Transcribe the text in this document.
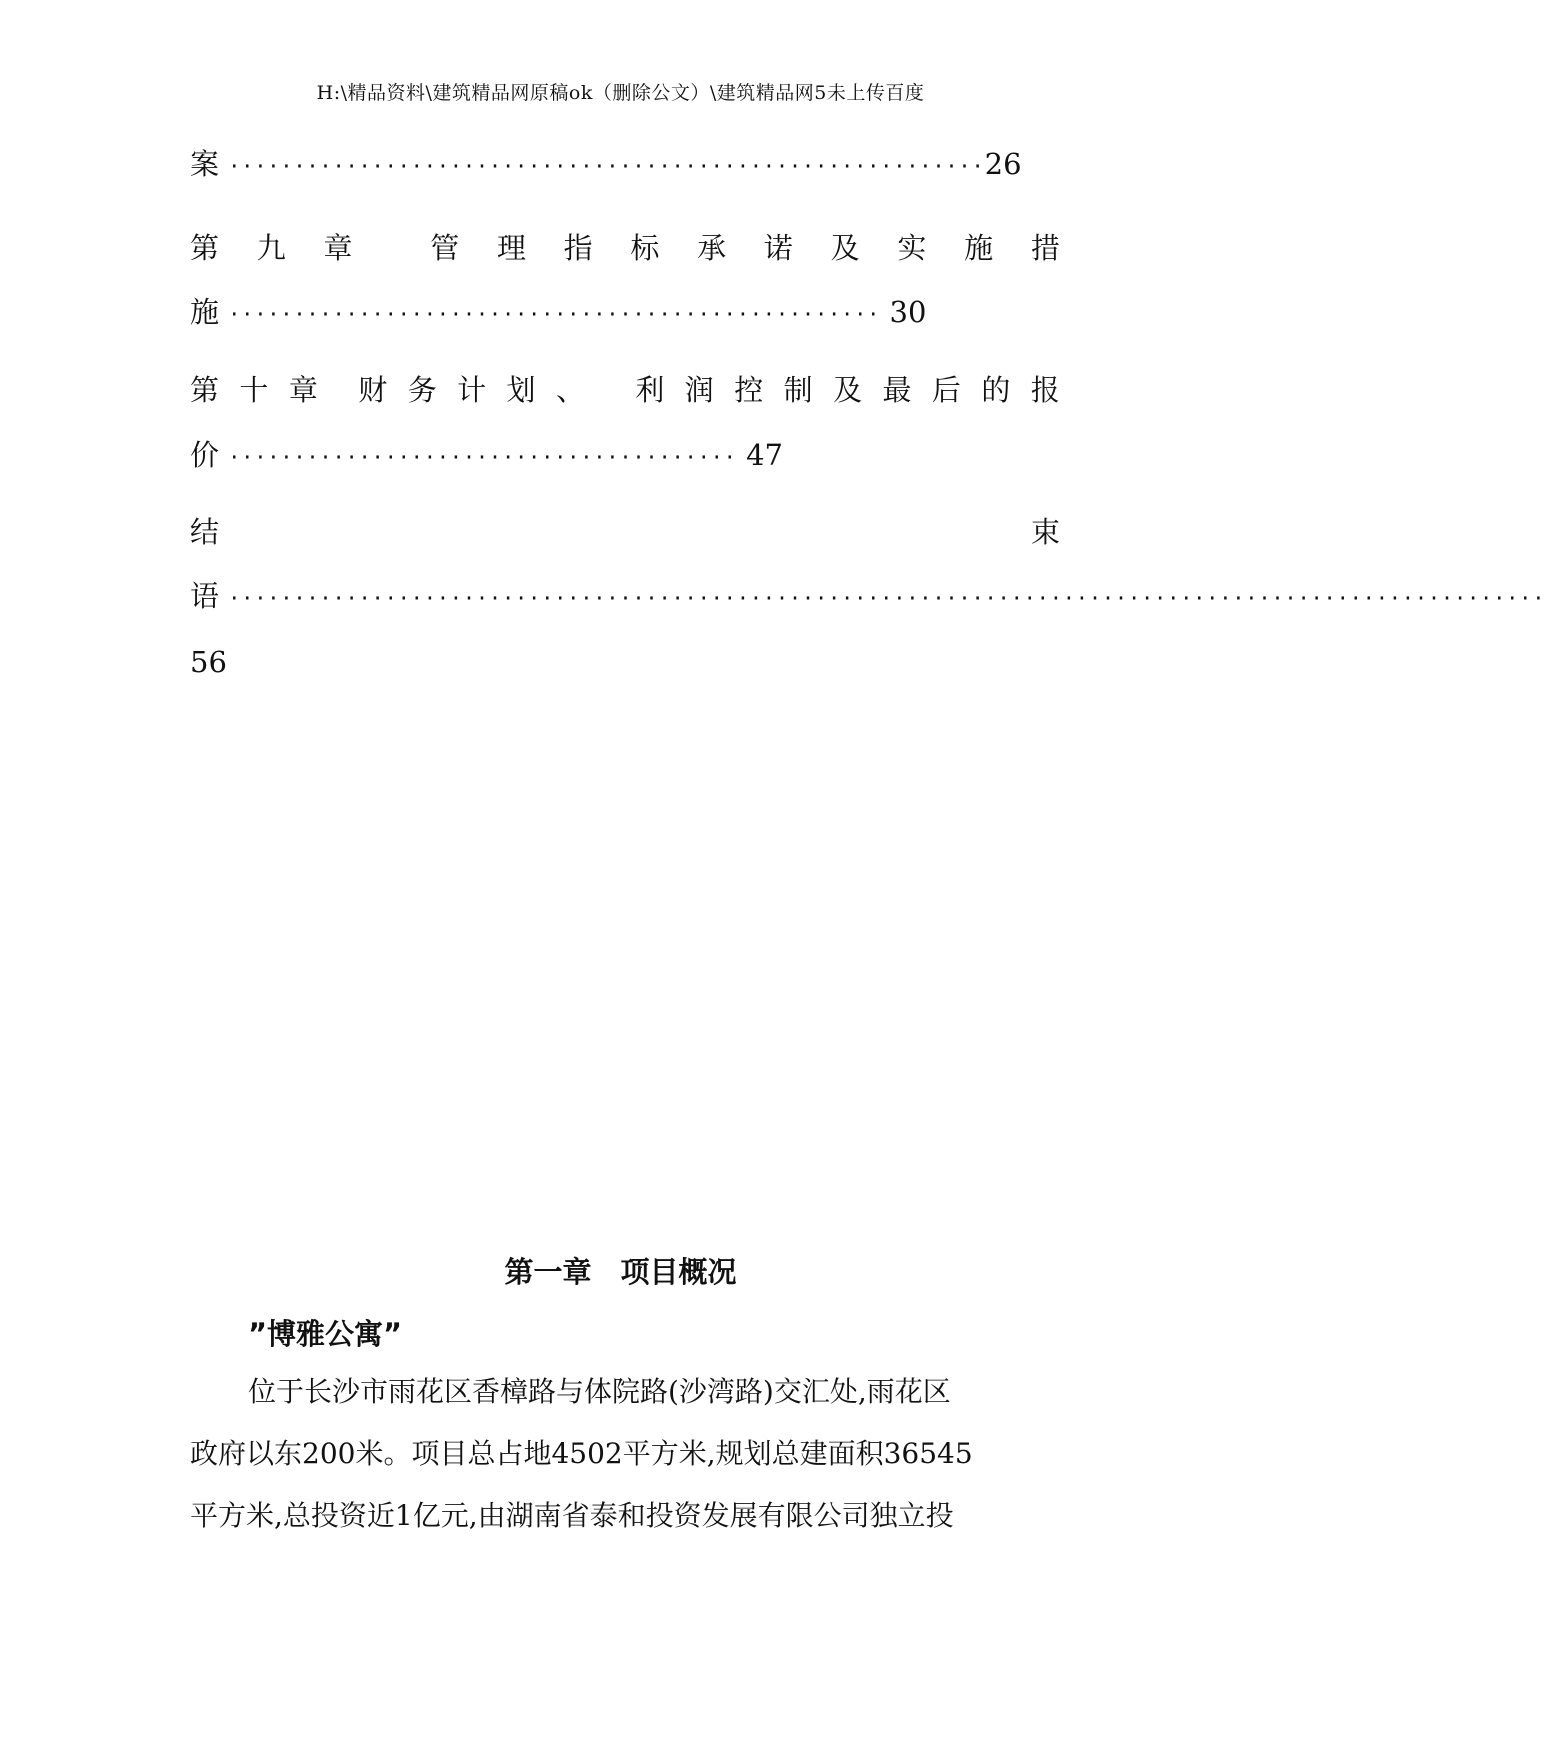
H:\精品资料\建筑精品网原稿ok（删除公文）\建筑精品网5未上传百度
案 ··························································26
第 九 章	管 理 指 标 承 诺 及 实 施 措
施 ·················································· 30
第 十 章 财 务 计 划 、 利 润 控 制 及 最 后 的 报
价 ······································· 47
结	束
语 ·····································································································
56
第一章　项目概况
”博雅公寓”
位于长沙市雨花区香樟路与体院路(沙湾路)交汇处,雨花区
政府以东200米。项目总占地4502平方米,规划总建面积36545
平方米,总投资近1亿元,由湖南省泰和投资发展有限公司独立投
